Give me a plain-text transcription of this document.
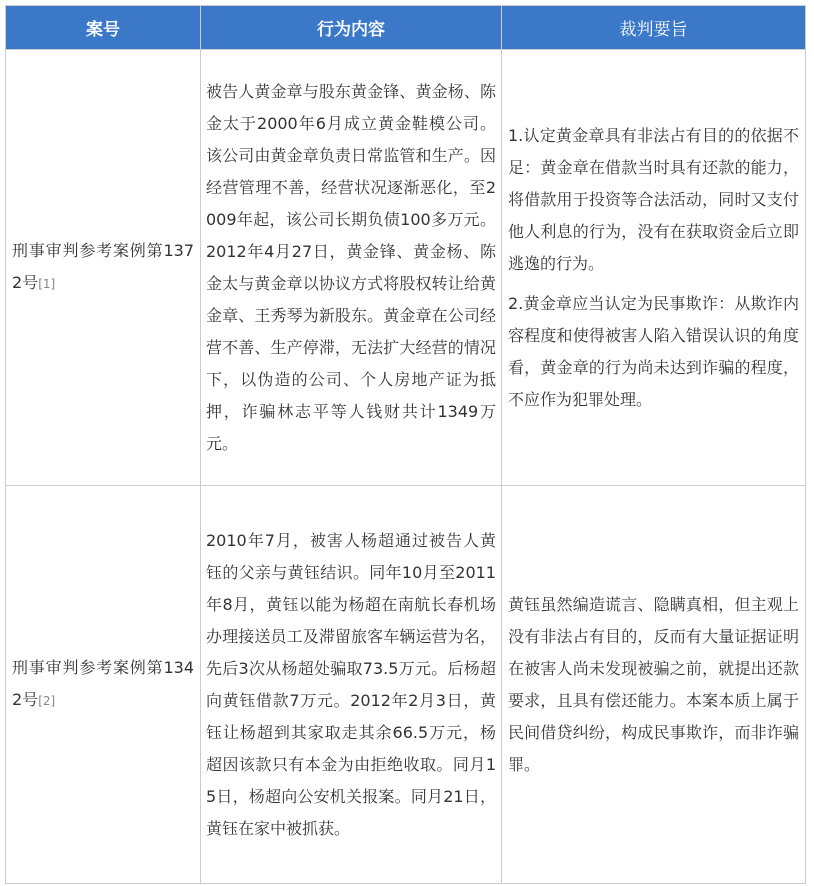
案号	行为内容	裁判要旨
刑事审判参考案例第1372号[1]	被告人黄金章与股东黄金锋、黄金杨、陈金太于2000年6月成立黄金鞋模公司。该公司由黄金章负责日常监管和生产。因经营管理不善，经营状况逐渐恶化，至2009年起，该公司长期负债100多万元。2012年4月27日，黄金锋、黄金杨、陈金太与黄金章以协议方式将股权转让给黄金章、王秀琴为新股东。黄金章在公司经营不善、生产停滞，无法扩大经营的情况下，以伪造的公司、个人房地产证为抵押，诈骗林志平等人钱财共计1349万元。	1.认定黄金章具有非法占有目的的依据不足：黄金章在借款当时具有还款的能力，将借款用于投资等合法活动，同时又支付他人利息的行为，没有在获取资金后立即逃逸的行为。

2.黄金章应当认定为民事欺诈：从欺诈内容程度和使得被害人陷入错误认识的角度看，黄金章的行为尚未达到诈骗的程度，不应作为犯罪处理。

刑事审判参考案例第1342号[2]	2010年7月，被害人杨超通过被告人黄钰的父亲与黄钰结识。同年10月至2011年8月，黄钰以能为杨超在南航长春机场办理接送员工及滞留旅客车辆运营为名，先后3次从杨超处骗取73.5万元。后杨超向黄钰借款7万元。2012年2月3日，黄钰让杨超到其家取走其余66.5万元，杨超因该款只有本金为由拒绝收取。同月15日，杨超向公安机关报案。同月21日，黄钰在家中被抓获。	黄钰虽然编造谎言、隐瞒真相，但主观上没有非法占有目的，反而有大量证据证明在被害人尚未发现被骗之前，就提出还款要求，且具有偿还能力。本案本质上属于民间借贷纠纷，构成民事欺诈，而非诈骗罪。
